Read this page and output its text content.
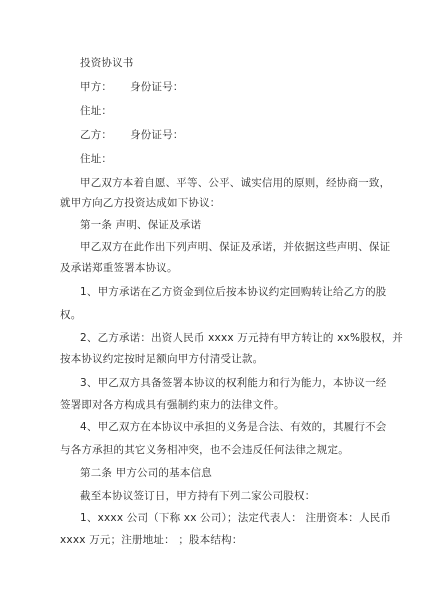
投资协议书
甲方： 身份证号：
住址：
乙方： 身份证号：
住址：
甲乙双方本着自愿、平等、公平、诚实信用的原则，经协商一致，
就甲方向乙方投资达成如下协议：
第一条 声明、保证及承诺
甲乙双方在此作出下列声明、保证及承诺，并依据这些声明、保证
及承诺郑重签署本协议。
1、甲方承诺在乙方资金到位后按本协议约定回购转让给乙方的股
权。
2、乙方承诺：出资人民币 xxxx 万元持有甲方转让的 xx%股权，并
按本协议约定按时足额向甲方付清受让款。
3、甲乙双方具备签署本协议的权利能力和行为能力，本协议一经
签署即对各方构成具有强制约束力的法律文件。
4、甲乙双方在本协议中承担的义务是合法、有效的，其履行不会
与各方承担的其它义务相冲突，也不会违反任何法律之规定。
第二条 甲方公司的基本信息
截至本协议签订日，甲方持有下列二家公司股权：
1、xxxx 公司（下称 xx 公司）；法定代表人： 注册资本：人民币
xxxx 万元；注册地址： ；股本结构：
